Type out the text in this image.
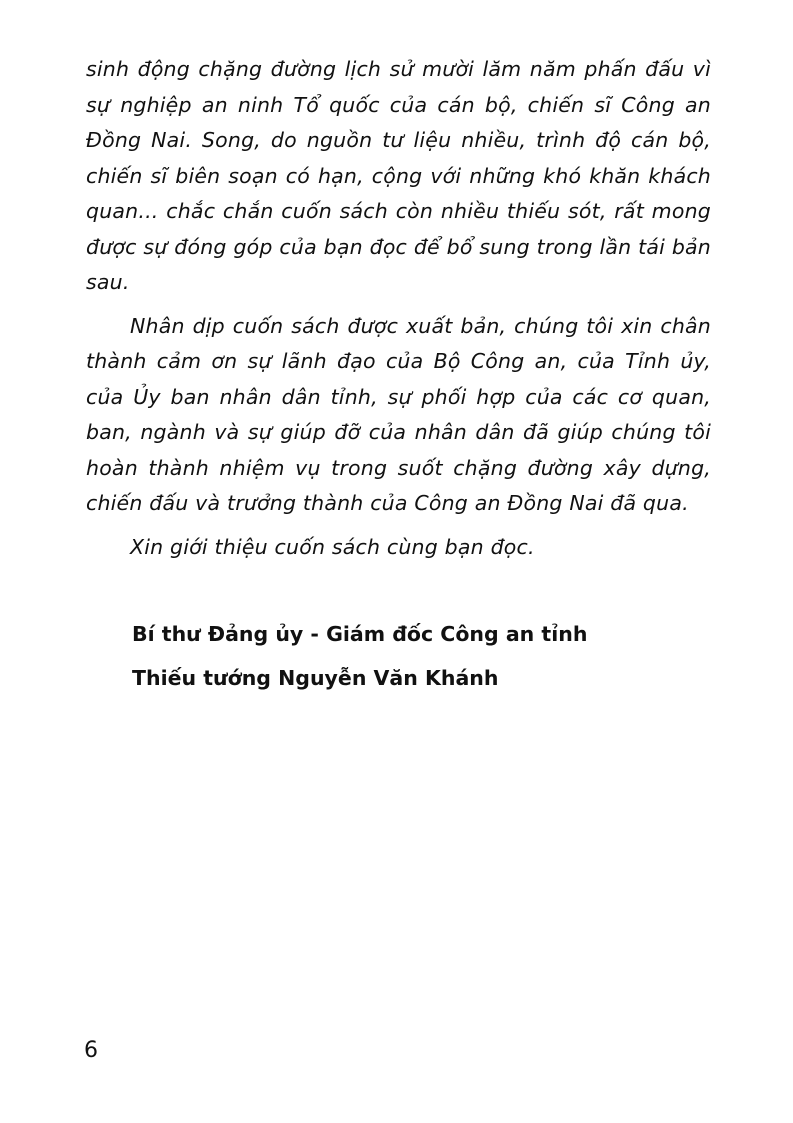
sinh động chặng đường lịch sử mười lăm năm phấn đấu vì sự nghiệp an ninh Tổ quốc của cán bộ, chiến sĩ Công an Đồng Nai. Song, do nguồn tư liệu nhiều, trình độ cán bộ, chiến sĩ biên soạn có hạn, cộng với những khó khăn khách quan... chắc chắn cuốn sách còn nhiều thiếu sót, rất mong được sự đóng góp của bạn đọc để bổ sung trong lần tái bản sau.

Nhân dịp cuốn sách được xuất bản, chúng tôi xin chân thành cảm ơn sự lãnh đạo của Bộ Công an, của Tỉnh ủy, của Ủy ban nhân dân tỉnh, sự phối hợp của các cơ quan, ban, ngành và sự giúp đỡ của nhân dân đã giúp chúng tôi hoàn thành nhiệm vụ trong suốt chặng đường xây dựng, chiến đấu và trưởng thành của Công an Đồng Nai đã qua.

Xin giới thiệu cuốn sách cùng bạn đọc.

Bí thư Đảng ủy - Giám đốc Công an tỉnh
Thiếu tướng Nguyễn Văn Khánh
6
